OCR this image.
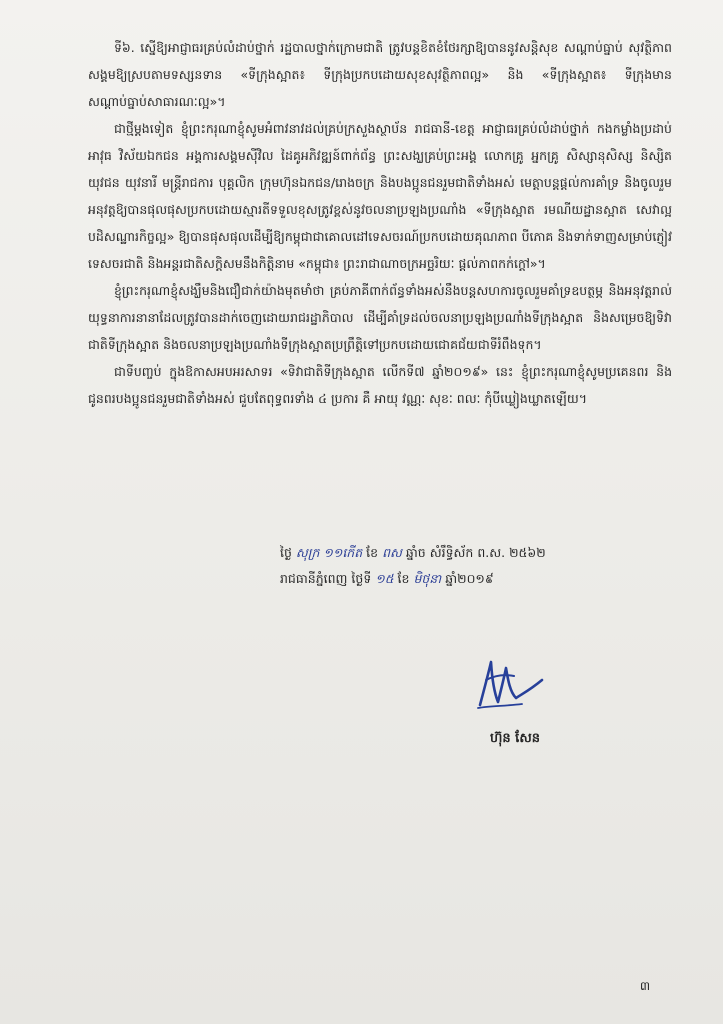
ទី៦. ស្នើឱ្យអាជ្ញាធរគ្រប់លំដាប់ថ្នាក់ រដ្ឋបាលថ្នាក់ក្រោមជាតិ ត្រូវបន្តខិតខំថែរក្សាឱ្យបាននូវសន្តិសុខ សណ្តាប់ធ្នាប់ សុវត្ថិភាពសង្គមឱ្យស្របតាមទស្សនទាន «ទីក្រុងស្អាត៖ ទីក្រុងប្រកបដោយសុខសុវត្ថិភាពល្អ» និង «ទីក្រុងស្អាត៖ ទីក្រុងមានសណ្តាប់ធ្នាប់សាធារណៈល្អ»។

ជាថ្មីម្តងទៀត ខ្ញុំព្រះករុណាខ្ញុំសូមអំពាវនាវដល់គ្រប់ក្រសួងស្ថាប័ន រាជធានី-ខេត្ត អាជ្ញាធរគ្រប់លំដាប់ថ្នាក់ កងកម្លាំងប្រដាប់អាវុធ វិស័យឯកជន អង្គការសង្គមស៊ីវិល ដៃគូអភិវឌ្ឍន៍ពាក់ព័ន្ធ ព្រះសង្ឃគ្រប់ព្រះអង្គ លោកគ្រូ អ្នកគ្រូ សិស្សានុសិស្ស និស្សិត យុវជន យុវនារី មន្ត្រីរាជការ បុគ្គលិក ក្រុមហ៊ុនឯកជន/រោងចក្រ និងបងប្អូនជនរួមជាតិទាំងអស់ មេត្តាបន្តផ្តល់ការគាំទ្រ និងចូលរួមអនុវត្តឱ្យបានផុលផុសប្រកបដោយស្មារតីទទួលខុសត្រូវខ្ពស់នូវចលនាប្រឡងប្រណាំង «ទីក្រុងស្អាត រមណីយដ្ឋានស្អាត សេវាល្អ បដិសណ្ឋារកិច្ចល្អ» ឱ្យបានផុសផុលដើម្បីឱ្យកម្ពុជាជាគោលដៅទេសចរណ៍ប្រកបដោយគុណភាព បីភោគ និងទាក់ទាញសម្រាប់ភ្ញៀវទេសចរជាតិ និងអន្តរជាតិសក្តិសមនឹងកិត្តិនាម «កម្ពុជា៖ ព្រះរាជាណាចក្រអច្ឆរិយៈ ផ្តល់ភាពកក់ក្តៅ»។

ខ្ញុំព្រះករុណាខ្ញុំសង្ឃឹមនិងជឿជាក់យ៉ាងមុតមាំថា គ្រប់ភាគីពាក់ព័ន្ធទាំងអស់នឹងបន្តសហការចូលរួមគាំទ្រឧបត្ថម្ភ និងអនុវត្តរាល់យុទ្ធនាការនានាដែលត្រូវបានដាក់ចេញដោយរាជរដ្ឋាភិបាល ដើម្បីគាំទ្រដល់ចលនាប្រឡងប្រណាំងទីក្រុងស្អាត និងសម្រេចឱ្យទិវាជាតិទីក្រុងស្អាត និងចលនាប្រឡងប្រណាំងទីក្រុងស្អាតប្រព្រឹត្តិទៅប្រកបដោយជោគជ័យជាទីរំពឹងទុក។

ជាទីបញ្ចប់ ក្នុងឱកាសអបអរសាទរ «ទិវាជាតិទីក្រុងស្អាត លើកទី៧ ឆ្នាំ២០១៩» នេះ ខ្ញុំព្រះករុណាខ្ញុំសូមប្រគេនពរ និងជូនពរបងប្អូនជនរួមជាតិទាំងអស់ ជួបតែពុទ្ធពរទាំង ៤ ប្រការ គឺ អាយុ វណ្ណៈ សុខៈ ពលៈ កុំបីឃ្លៀងឃ្លាតឡើយ។

ថ្ងៃ សុក្រ ១១កើត ខែ ពស ឆ្នាំច សំរឹទ្ធិស័ក ព.ស. ២៥៦២

រាជធានីភ្នំពេញ ថ្ងៃទី ១៥ ខែ មិថុនា ឆ្នាំ២០១៩

ហ៊ុន សែន
៣
